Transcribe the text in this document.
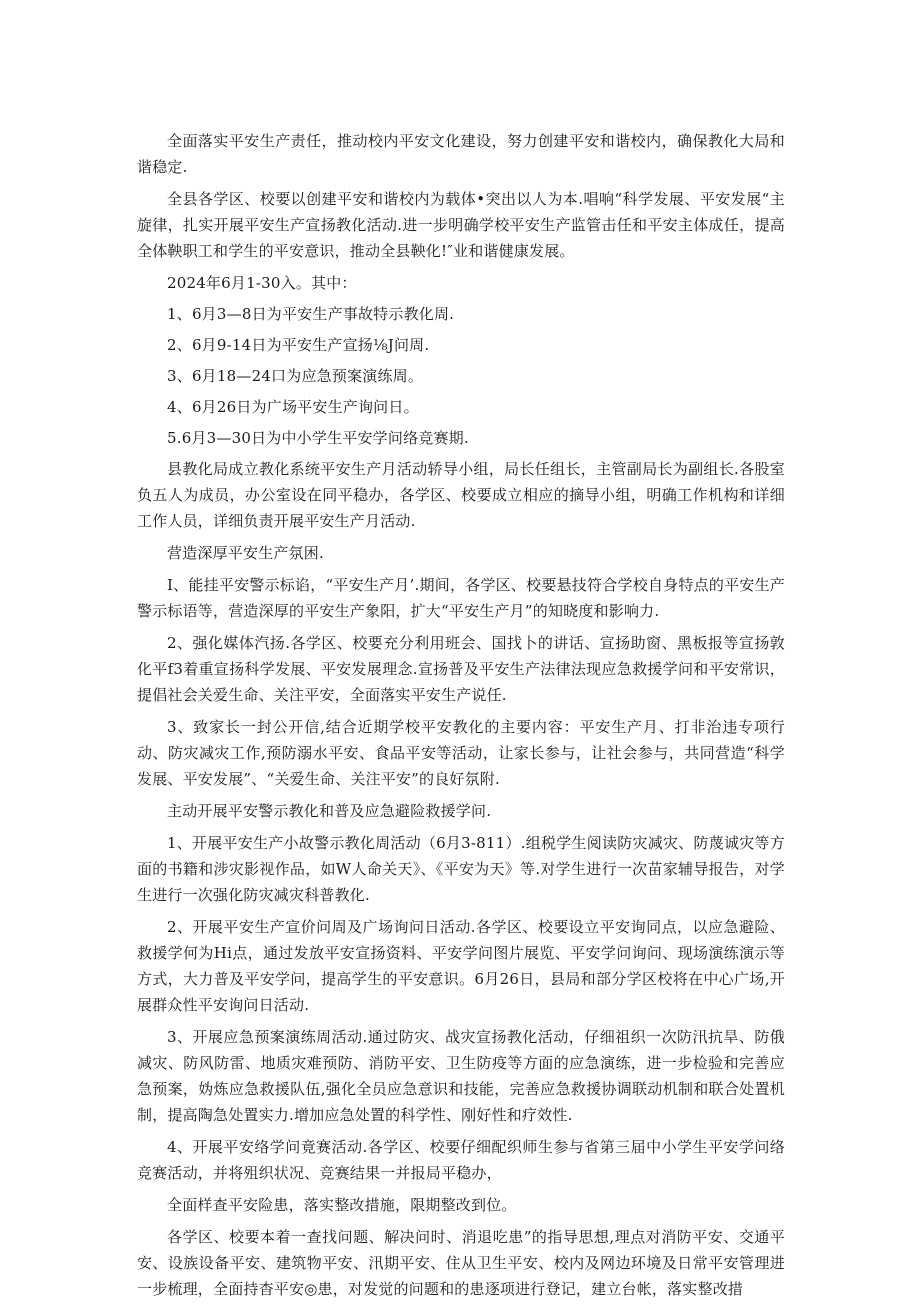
全面落实平安生产责任，推动校内平安文化建设，努力创建平安和谐校内，确保教化大局和谐稳定.

全县各学区、校要以创建平安和谐校内为载体•突出以人为本.唱响“科学发展、平安发展“主旋律，扎实开展平安生产宣扬教化活动.进一步明确学校平安生产监管击任和平安主体成任，提高全体鞅职工和学生的平安意识，推动全县鞅化!″业和谐健康发展。

2024年6月1-30入。其中：

1、6月3—8日为平安生产事故特示教化周.

2、6月9-14日为平安生产宣扬⅛J问周.

3、6月18—24口为应急预案演练周。

4、6月26日为广场平安生产询问日。

5.6月3—30日为中小学生平安学问络竞赛期.

县教化局成立教化系统平安生产月活动轿导小组，局长任组长，主管副局长为副组长.各股室负五人为成员，办公室设在同平稳办，各学区、校要成立相应的摘导小组，明确工作机构和详细工作人员，详细负责开展平安生产月活动.

营造深厚平安生产氛困.

I、能挂平安警示标谄，“平安生产月’.期间，各学区、校要悬技符合学校自身特点的平安生产警示标语等，营造深厚的平安生产象阳，扩大“平安生产月”的知晓度和影响力.

2、强化媒体汽扬.各学区、校要充分利用班会、国找卜的讲话、宣扬助窗、黑板报等宣扬敦化平f3着重宣扬科学发展、平安发展理念.宣扬普及平安生产法律法现应急救援学问和平安常识，提倡社会关爱生命、关注平安，全面落实平安生产说任.

3、致家长一封公开信,结合近期学校平安教化的主要内容：平安生产月、打非治违专项行动、防灾减灾工作,预防溺水平安、食品平安等活动，让家长参与，让社会参与，共同营造“科学发展、平安发展”、“关爱生命、关注平安”的良好氛附.

主动开展平安警示教化和普及应急避险救援学问.

1、开展平安生产小故警示教化周活动（6月3-811）.组税学生阅读防灾减灾、防蔑诚灾等方面的书籍和涉灾影视作品，如W人命关天》、《平安为天》等.对学生进行一次苗家辅导报告，对学生进行一次强化防灾减灾科普教化.

2、开展平安生产宣价问周及广场询问日活动.各学区、校要设立平安询同点，以应急避险、救援学何为Hi点，通过发放平安宣扬资料、平安学问图片展览、平安学问询问、现场演练演示等方式，大力普及平安学问，提高学生的平安意识。6月26日，县局和部分学区校将在中心广场,开展群众性平安询问日活动.

3、开展应急预案演练周活动.通过防灾、战灾宣扬教化活动，仔细祖织一次防汛抗旱、防俄减灾、防风防雷、地质灾难预防、消防平安、卫生防疫等方面的应急演练，进一步检验和完善应急预案，妫炼应急救援队伍,强化全员应急意识和技能，完善应急救援协调联动机制和联合处置机制，提高陶急处置实力.增加应急处置的科学性、刚好性和疗效性.

4、开展平安络学问竟赛活动.各学区、校要仔细配织师生参与省第三届中小学生平安学问络竞赛活动，并将殂织状况、竞赛结果一并报局平稳办，

全面样查平安险患，落实整改措施，限期整改到位。

各学区、校要本着一查找问题、解决问时、消退吃患”的指导思想,理点对消防平安、交通平安、设族设备平安、建筑物平安、汛期平安、住从卫生平安、校内及网边环境及日常平安管理进一步梳理，全面持杳平安◎患，对发觉的问题和的患逐项进行登记，建立台帐，落实整改措
